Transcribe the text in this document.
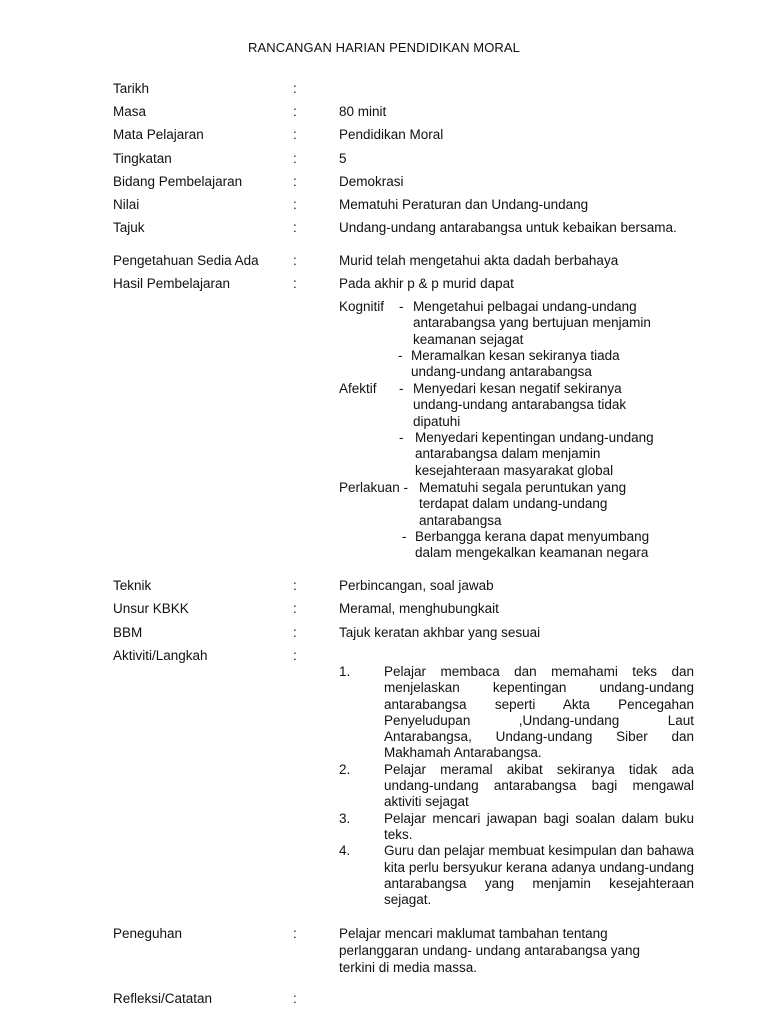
RANCANGAN HARIAN PENDIDIKAN MORAL
Tarikh	:
Masa	:	80 minit
Mata Pelajaran	:	Pendidikan Moral
Tingkatan	:	5
Bidang Pembelajaran	:	Demokrasi
Nilai	:	Mematuhi Peraturan dan Undang-undang
Tajuk	:	Undang-undang antarabangsa untuk kebaikan bersama.
Pengetahuan Sedia Ada	:	Murid telah mengetahui akta dadah berbahaya
Hasil Pembelajaran	:	Pada akhir p & p murid dapat
Kognitif - Mengetahui pelbagai undang-undang antarabangsa yang bertujuan menjamin keamanan sejagat
- Meramalkan kesan sekiranya tiada undang-undang antarabangsa
Afektif - Menyedari kesan negatif sekiranya undang-undang antarabangsa tidak dipatuhi
- Menyedari kepentingan undang-undang antarabangsa dalam menjamin kesejahteraan masyarakat global
Perlakuan - Mematuhi segala peruntukan yang terdapat dalam undang-undang antarabangsa
- Berbangga kerana dapat menyumbang dalam mengekalkan keamanan negara
Teknik	:	Perbincangan, soal jawab
Unsur KBKK	:	Meramal, menghubungkait
BBM	:	Tajuk keratan akhbar yang sesuai
Aktiviti/Langkah	:
1. Pelajar membaca dan memahami teks dan menjelaskan kepentingan undang-undang antarabangsa seperti Akta Pencegahan Penyeludupan ,Undang-undang Laut Antarabangsa, Undang-undang Siber dan Makhamah Antarabangsa.
2. Pelajar meramal akibat sekiranya tidak ada undang-undang antarabangsa bagi mengawal aktiviti sejagat
3. Pelajar mencari jawapan bagi soalan dalam buku teks.
4. Guru dan pelajar membuat kesimpulan dan bahawa kita perlu bersyukur kerana adanya undang-undang antarabangsa yang menjamin kesejahteraan sejagat.
Peneguhan	:	Pelajar mencari maklumat tambahan tentang perlanggaran undang- undang antarabangsa yang terkini di media massa.
Refleksi/Catatan	:
